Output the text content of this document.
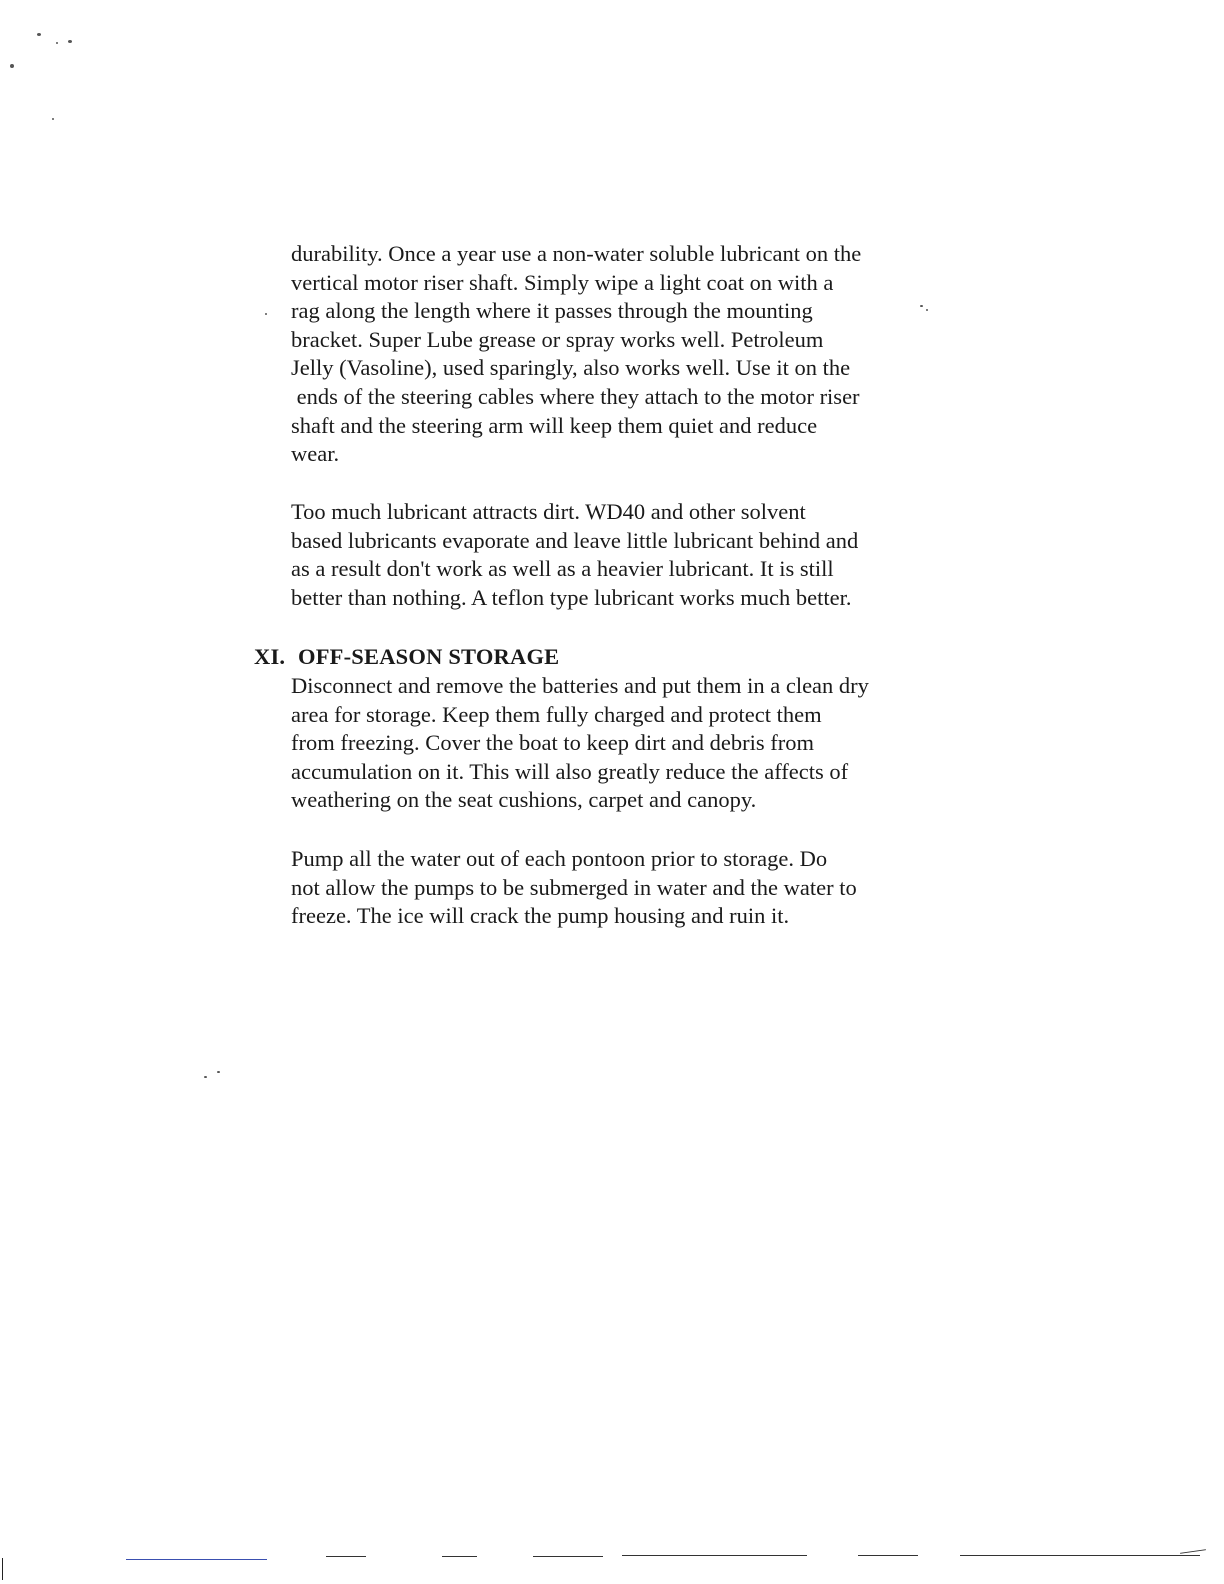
durability. Once a year use a non-water soluble lubricant on the
vertical motor riser shaft. Simply wipe a light coat on with a
rag along the length where it passes through the mounting
bracket. Super Lube grease or spray works well. Petroleum
Jelly (Vasoline), used sparingly, also works well. Use it on the
ends of the steering cables where they attach to the motor riser
shaft and the steering arm will keep them quiet and reduce
wear.

Too much lubricant attracts dirt. WD40 and other solvent
based lubricants evaporate and leave little lubricant behind and
as a result don't work as well as a heavier lubricant. It is still
better than nothing. A teflon type lubricant works much better.

XI. OFF-SEASON STORAGE

Disconnect and remove the batteries and put them in a clean dry
area for storage. Keep them fully charged and protect them
from freezing. Cover the boat to keep dirt and debris from
accumulation on it. This will also greatly reduce the affects of
weathering on the seat cushions, carpet and canopy.

Pump all the water out of each pontoon prior to storage. Do
not allow the pumps to be submerged in water and the water to
freeze. The ice will crack the pump housing and ruin it.
